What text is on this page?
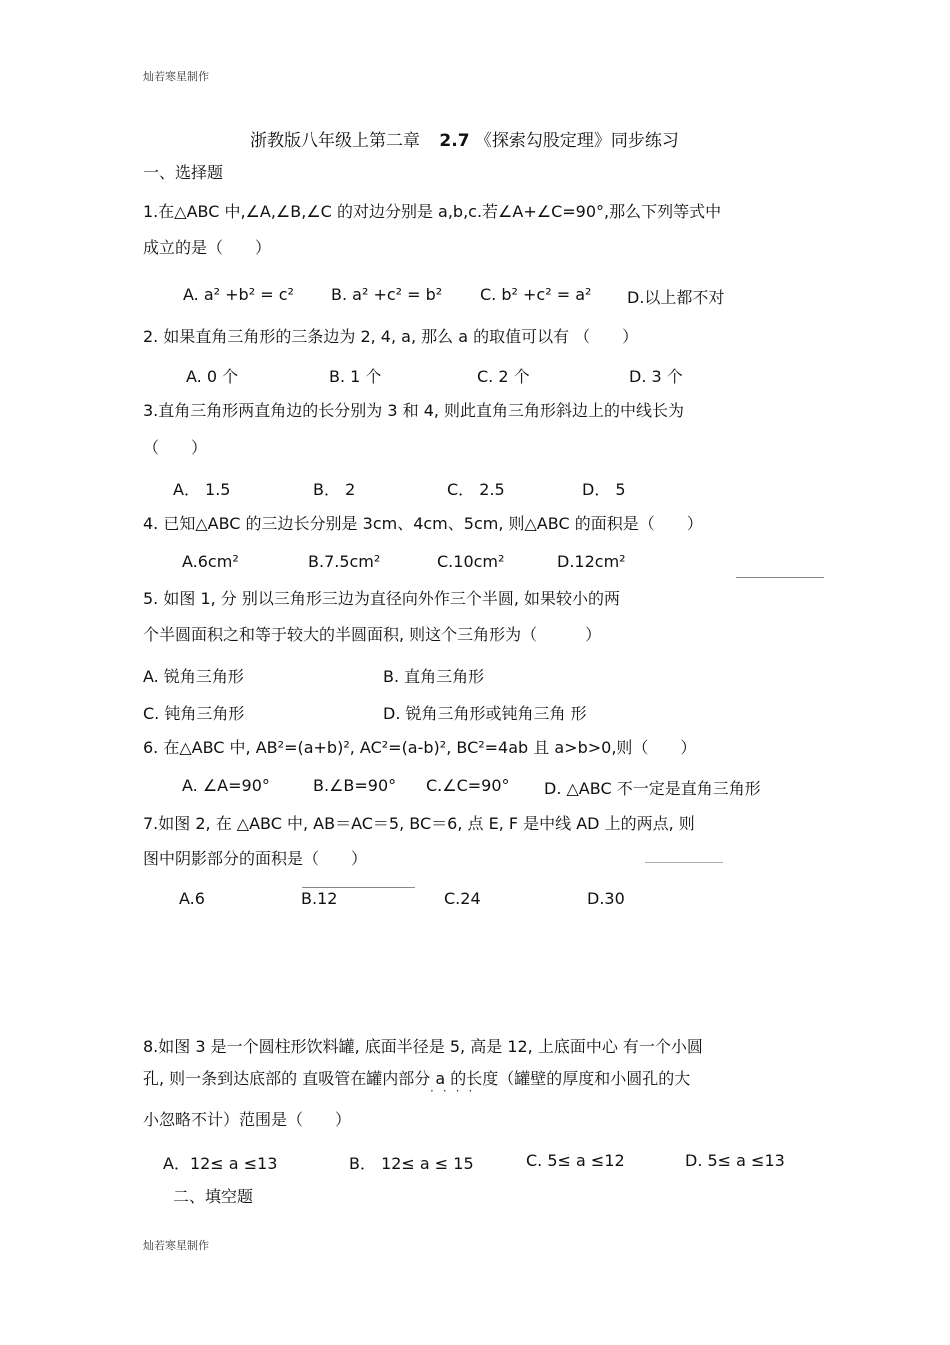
灿若寒星制作
浙教版八年级上第二章 2.7 《探索勾股定理》同步练习
一、选择题
1.在△ABC 中,∠A,∠B,∠C 的对边分别是 a,b,c.若∠A+∠C=90°,那么下列等式中
成立的是（　　）
A. a² +b² = c² B. a² +c² = b² C. b² +c² = a² D.以上都不对
2. 如果直角三角形的三条边为 2, 4, a, 那么 a 的取值可以有 （　　）
A. 0 个	B. 1 个	C. 2 个	D. 3 个
3.直角三角形两直角边的长分别为 3 和 4, 则此直角三角形斜边上的中线长为
（　　）
A． 1.5	B． 2	C． 2.5	D． 5
4. 已知△ABC 的三边长分别是 3cm、4cm、5cm, 则△ABC 的面积是（　　）
A.6cm²	B.7.5cm²	C.10cm²	D.12cm²
5. 如图 1, 分 别以三角形三边为直径向外作三个半圆, 如果较小的两
个半圆面积之和等于较大的半圆面积, 则这个三角形为（　　　）
A. 锐角三角形	B. 直角三角形
C. 钝角三角形	D. 锐角三角形或钝角三角 形
6. 在△ABC 中, AB²=(a+b)², AC²=(a-b)², BC²=4ab 且 a>b>0,则（　　）
A. ∠A=90°	B.∠B=90° C.∠C=90° D. △ABC 不一定是直角三角形
7.如图 2, 在 △ABC 中, AB＝AC＝5, BC＝6, 点 E, F 是中线 AD 上的两点, 则
图中阴影部分的面积是（　　）
A.6	B.12	C.24	D.30
8.如图 3 是一个圆柱形饮料罐, 底面半径是 5, 高是 12, 上底面中心 有一个小圆
孔, 则一条到达底部的 直吸管在罐内部分 a 的长度（罐壁的厚度和小圆孔的大
····
小忽略不计）范围是（　　）
A．12≤ a ≤13	B． 12≤ a ≤ 15	C. 5≤ a ≤12	D. 5≤ a ≤13
二、填空题
灿若寒星制作
